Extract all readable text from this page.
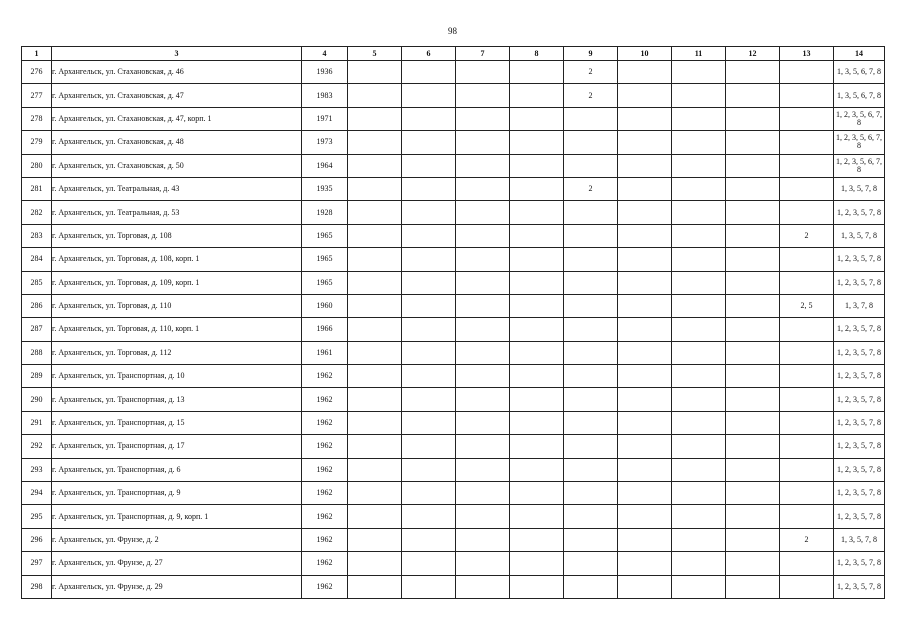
98
1	3	4	5	6	7	8	9	10	11	12	13	14
276	г. Архангельск, ул. Стахановская, д. 46	1936					2					1, 3, 5, 6, 7, 8
277	г. Архангельск, ул. Стахановская, д. 47	1983					2					1, 3, 5, 6, 7, 8
278	г. Архангельск, ул. Стахановская, д. 47, корп. 1	1971										1, 2, 3, 5, 6, 7, 8
279	г. Архангельск, ул. Стахановская, д. 48	1973										1, 2, 3, 5, 6, 7, 8
280	г. Архангельск, ул. Стахановская, д. 50	1964										1, 2, 3, 5, 6, 7, 8
281	г. Архангельск, ул. Театральная, д. 43	1935					2					1, 3, 5, 7, 8
282	г. Архангельск, ул. Театральная, д. 53	1928										1, 2, 3, 5, 7, 8
283	г. Архангельск, ул. Торговая, д. 108	1965									2	1, 3, 5, 7, 8
284	г. Архангельск, ул. Торговая, д. 108, корп. 1	1965										1, 2, 3, 5, 7, 8
285	г. Архангельск, ул. Торговая, д. 109, корп. 1	1965										1, 2, 3, 5, 7, 8
286	г. Архангельск, ул. Торговая, д. 110	1960									2, 5	1, 3, 7, 8
287	г. Архангельск, ул. Торговая, д. 110, корп. 1	1966										1, 2, 3, 5, 7, 8
288	г. Архангельск, ул. Торговая, д. 112	1961										1, 2, 3, 5, 7, 8
289	г. Архангельск, ул. Транспортная, д. 10	1962										1, 2, 3, 5, 7, 8
290	г. Архангельск, ул. Транспортная, д. 13	1962										1, 2, 3, 5, 7, 8
291	г. Архангельск, ул. Транспортная, д. 15	1962										1, 2, 3, 5, 7, 8
292	г. Архангельск, ул. Транспортная, д. 17	1962										1, 2, 3, 5, 7, 8
293	г. Архангельск, ул. Транспортная, д. 6	1962										1, 2, 3, 5, 7, 8
294	г. Архангельск, ул. Транспортная, д. 9	1962										1, 2, 3, 5, 7, 8
295	г. Архангельск, ул. Транспортная, д. 9, корп. 1	1962										1, 2, 3, 5, 7, 8
296	г. Архангельск, ул. Фрунзе, д. 2	1962									2	1, 3, 5, 7, 8
297	г. Архангельск, ул. Фрунзе, д. 27	1962										1, 2, 3, 5, 7, 8
298	г. Архангельск, ул. Фрунзе, д. 29	1962										1, 2, 3, 5, 7, 8
